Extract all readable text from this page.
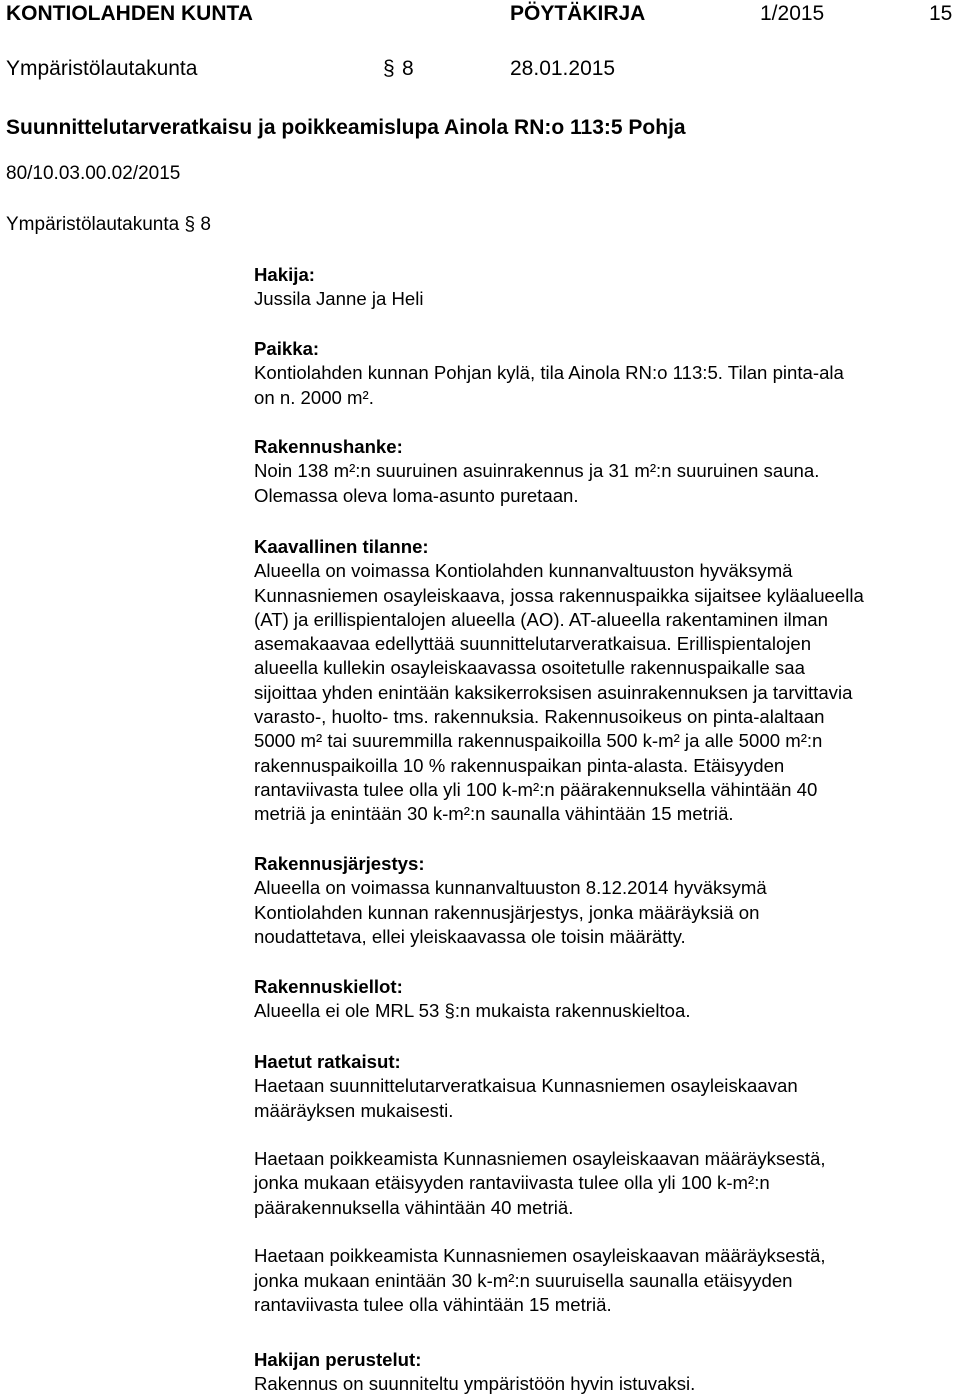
KONTIOLAHDEN KUNTA	PÖYTÄKIRJA	1/2015	15
Ympäristölautakunta	§ 8	28.01.2015
Suunnittelutarveratkaisu ja poikkeamislupa Ainola RN:o 113:5 Pohja
80/10.03.00.02/2015
Ympäristölautakunta § 8
Hakija:
Jussila Janne ja Heli
Paikka:
Kontiolahden kunnan Pohjan kylä, tila Ainola RN:o 113:5. Tilan pinta-ala
on n. 2000 m².
Rakennushanke:
Noin 138 m²:n suuruinen asuinrakennus ja 31 m²:n suuruinen sauna.
Olemassa oleva loma-asunto puretaan.
Kaavallinen tilanne:
Alueella on voimassa Kontiolahden kunnanvaltuuston hyväksymä
Kunnasniemen osayleiskaava, jossa rakennuspaikka sijaitsee kyläalueella
(AT) ja erillispientalojen alueella (AO). AT-alueella rakentaminen ilman
asemakaavaa edellyttää suunnittelutarveratkaisua. Erillispientalojen
alueella kullekin osayleiskaavassa osoitetulle rakennuspaikalle saa
sijoittaa yhden enintään kaksikerroksisen asuinrakennuksen ja tarvittavia
varasto-, huolto- tms. rakennuksia. Rakennusoikeus on pinta-alaltaan
5000 m² tai suuremmilla rakennuspaikoilla 500 k-m² ja alle 5000 m²:n
rakennuspaikoilla 10 % rakennuspaikan pinta-alasta. Etäisyyden
rantaviivasta tulee olla yli 100 k-m²:n päärakennuksella vähintään 40
metriä ja enintään 30 k-m²:n saunalla vähintään 15 metriä.
Rakennusjärjestys:
Alueella on voimassa kunnanvaltuuston 8.12.2014 hyväksymä
Kontiolahden kunnan rakennusjärjestys, jonka määräyksiä on
noudattetava, ellei yleiskaavassa ole toisin määrätty.
Rakennuskiellot:
Alueella ei ole MRL 53 §:n mukaista rakennuskieltoa.
Haetut ratkaisut:
Haetaan suunnittelutarveratkaisua Kunnasniemen osayleiskaavan
määräyksen mukaisesti.
Haetaan poikkeamista Kunnasniemen osayleiskaavan määräyksestä,
jonka mukaan etäisyyden rantaviivasta tulee olla yli 100 k-m²:n
päärakennuksella vähintään 40 metriä.
Haetaan poikkeamista Kunnasniemen osayleiskaavan määräyksestä,
jonka mukaan enintään 30 k-m²:n suuruisella saunalla etäisyyden
rantaviivasta tulee olla vähintään 15 metriä.
Hakijan perustelut:
Rakennus on suunniteltu ympäristöön hyvin istuvaksi.
